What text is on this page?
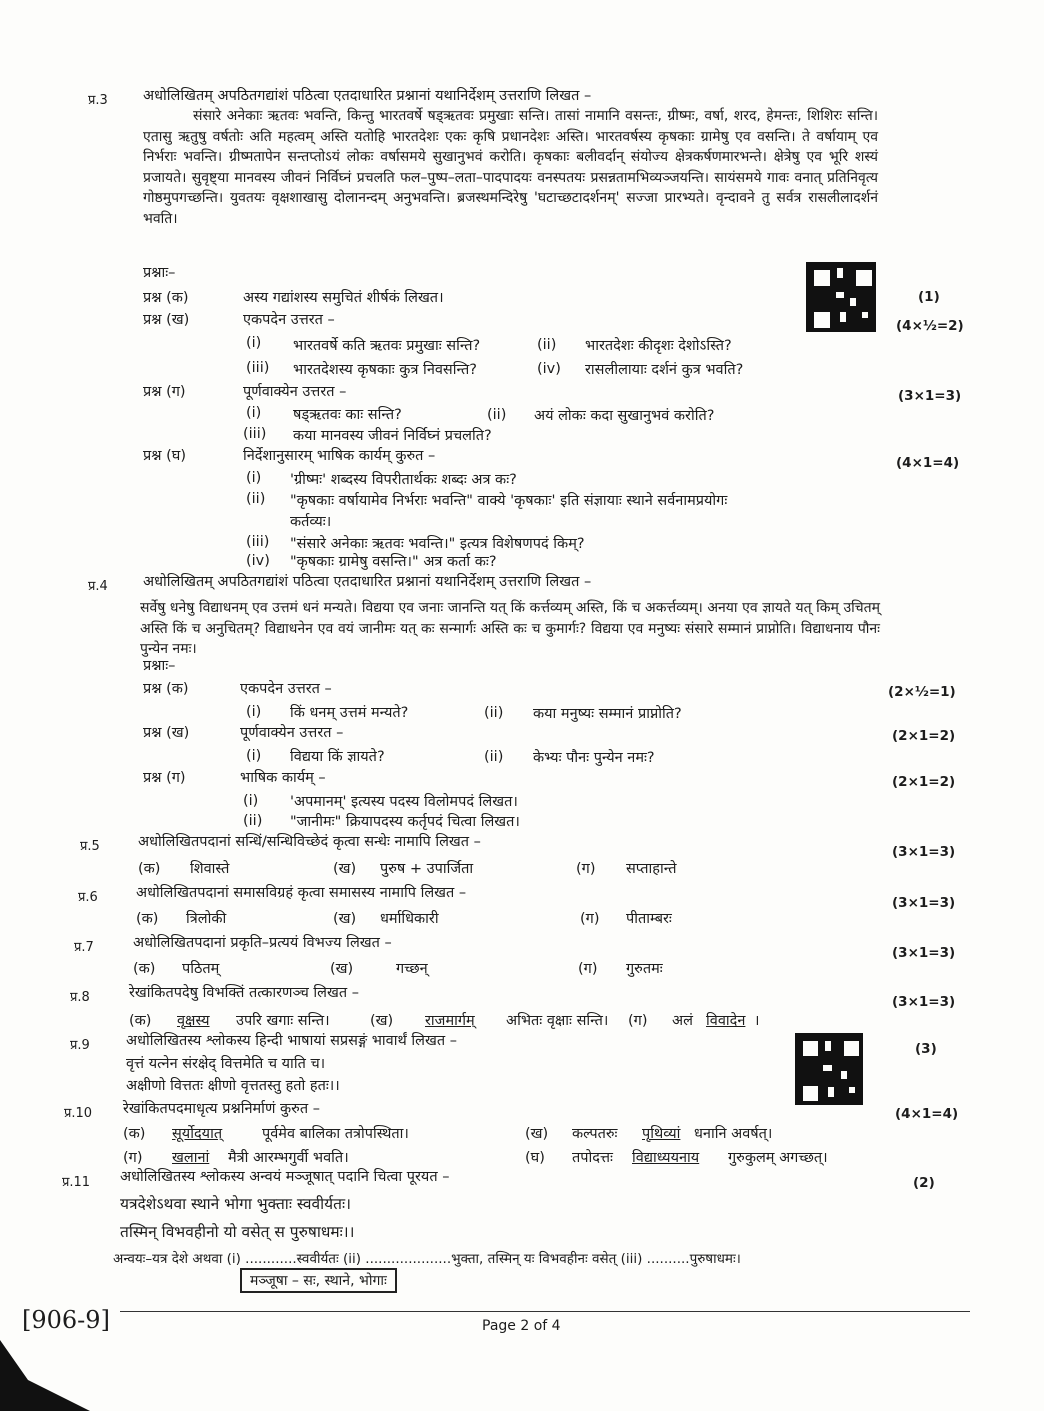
प्र.3 अधोलिखितम् अपठितगद्यांशं पठित्वा एतदाधारित प्रश्नानां यथानिर्देशम् उत्तराणि लिखत –
संसारे अनेकाः ऋतवः भवन्ति, किन्तु भारतवर्षे षड्ऋतवः प्रमुखाः सन्ति। तासां नामानि वसन्तः, ग्रीष्मः, वर्षा, शरद, हेमन्तः, शिशिरः सन्ति। एतासु ऋतुषु वर्षतोः अति महत्वम् अस्ति यतोहि भारतदेशः एकः कृषि प्रधानदेशः अस्ति। भारतवर्षस्य कृषकाः ग्रामेषु एव वसन्ति। ते वर्षायाम् एव निर्भराः भवन्ति। ग्रीष्मतापेन सन्तप्तोऽयं लोकः वर्षासमये सुखानुभवं करोति। कृषकाः बलीवर्दान् संयोज्य क्षेत्रकर्षणमारभन्ते। क्षेत्रेषु एव भूरि शस्यं प्रजायते। सुवृष्ट्या मानवस्य जीवनं निर्विघ्नं प्रचलति फल–पुष्प–लता–पादपादयः वनस्पतयः प्रसन्नतामभिव्यञ्जयन्ति। सायंसमये गावः वनात् प्रतिनिवृत्य गोष्ठमुपगच्छन्ति। युवतयः वृक्षशाखासु दोलानन्दम् अनुभवन्ति। ब्रजस्थमन्दिरेषु 'घटाच्छटादर्शनम्' सज्जा प्रारभ्यते। वृन्दावने तु सर्वत्र रासलीलादर्शनं भवति।
प्रश्नाः–
प्रश्न (क)	अस्य गद्यांशस्य समुचितं शीर्षकं लिखत।	(1)
प्रश्न (ख)	एकपदेन उत्तरत –	(4×½=2)
(i) भारतवर्षे कति ऋतवः प्रमुखाः सन्ति?	(ii) भारतदेशः कीदृशः देशोऽस्ति?
(iii) भारतदेशस्य कृषकाः कुत्र निवसन्ति?	(iv) रासलीलायाः दर्शनं कुत्र भवति?
प्रश्न (ग)	पूर्णवाक्येन उत्तरत –	(3×1=3)
(i) षड्ऋतवः काः सन्ति?	(ii) अयं लोकः कदा सुखानुभवं करोति?
(iii) कया मानवस्य जीवनं निर्विघ्नं प्रचलति?
प्रश्न (घ)	निर्देशानुसारम् भाषिक कार्यम् कुरुत –	(4×1=4)
(i) 'ग्रीष्मः' शब्दस्य विपरीतार्थकः शब्दः अत्र कः?
(ii) "कृषकाः वर्षायामेव निर्भराः भवन्ति" वाक्ये 'कृषकाः' इति संज्ञायाः स्थाने सर्वनामप्रयोगः
कर्तव्यः।
(iii) "संसारे अनेकाः ऋतवः भवन्ति।" इत्यत्र विशेषणपदं किम्?
(iv) "कृषकाः ग्रामेषु वसन्ति।" अत्र कर्ता कः?
प्र.4 अधोलिखितम् अपठितगद्यांशं पठित्वा एतदाधारित प्रश्नानां यथानिर्देशम् उत्तराणि लिखत –
सर्वेषु धनेषु विद्याधनम् एव उत्तमं धनं मन्यते। विद्यया एव जनाः जानन्ति यत् किं कर्त्तव्यम् अस्ति, किं च अकर्त्तव्यम्। अनया एव ज्ञायते यत् किम् उचितम् अस्ति किं च अनुचितम्? विद्याधनेन एव वयं जानीमः यत् कः सन्मार्गः अस्ति कः च कुमार्गः? विद्यया एव मनुष्यः संसारे सम्मानं प्राप्नोति। विद्याधनाय पौनः पुन्येन नमः।
प्रश्नाः–
प्रश्न (क)	एकपदेन उत्तरत –	(2×½=1)
(i) किं धनम् उत्तमं मन्यते?	(ii) कया मनुष्यः सम्मानं प्राप्नोति?
प्रश्न (ख)	पूर्णवाक्येन उत्तरत –	(2×1=2)
(i) विद्यया किं ज्ञायते?	(ii) केभ्यः पौनः पुन्येन नमः?
प्रश्न (ग)	भाषिक कार्यम् –	(2×1=2)
(i) 'अपमानम्' इत्यस्य पदस्य विलोमपदं लिखत।
(ii) "जानीमः" क्रियापदस्य कर्तृपदं चित्वा लिखत।
प्र.5	अधोलिखितपदानां सन्धिं/सन्धिविच्छेदं कृत्वा सन्धेः नामापि लिखत –
(3×1=3)
(क) शिवास्ते	(ख) पुरुष + उपार्जिता	(ग) सप्ताहान्ते
प्र.6	अधोलिखितपदानां समासविग्रहं कृत्वा समासस्य नामापि लिखत –
(3×1=3)
(क) त्रिलोकी	(ख) धर्माधिकारी	(ग) पीताम्बरः
प्र.7	अधोलिखितपदानां प्रकृति–प्रत्ययं विभज्य लिखत –
(3×1=3)
(क) पठितम्	(ख)	गच्छन्	(ग) गुरुतमः
प्र.8	रेखांकितपदेषु विभक्तिं तत्कारणञ्च लिखत –
(3×1=3)
(क) वृक्षस्य उपरि खगाः सन्ति।	(ख) राजमार्गम् अभितः वृक्षाः सन्ति। (ग) अलं विवादेन ।
प्र.9 अधोलिखितस्य श्लोकस्य हिन्दी भाषायां सप्रसङ्गं भावार्थं लिखत –	(3)
वृत्तं यत्नेन संरक्षेद् वित्तमेति च याति च।
अक्षीणो वित्ततः क्षीणो वृत्ततस्तु हतो हतः।।
प्र.10 रेखांकितपदमाधृत्य प्रश्ननिर्माणं कुरुत –	(4×1=4)
(क) सूर्योदयात्	पूर्वमेव बालिका तत्रोपस्थिता।	(ख) कल्पतरुः पृथिव्यां धनानि अवर्षत्।
(ग) खलानां मैत्री आरम्भगुर्वी भवति।	(घ) तपोदत्तः विद्याध्ययनाय गुरुकुलम् अगच्छत्।
प्र.11 अधोलिखितस्य श्लोकस्य अन्वयं मञ्जूषात् पदानि चित्वा पूरयत –	(2)
यत्रदेशेऽथवा स्थाने भोगा भुक्ताः स्ववीर्यतः।
तस्मिन् विभवहीनो यो वसेत् स पुरुषाधमः।।
अन्वयः–यत्र देशे अथवा (i) ............स्ववीर्यतः (ii) ....................भुक्ता, तस्मिन् यः विभवहीनः वसेत् (iii) ..........पुरुषाधमः।
मञ्जूषा – सः, स्थाने, भोगाः
[906-9]	Page 2 of 4
